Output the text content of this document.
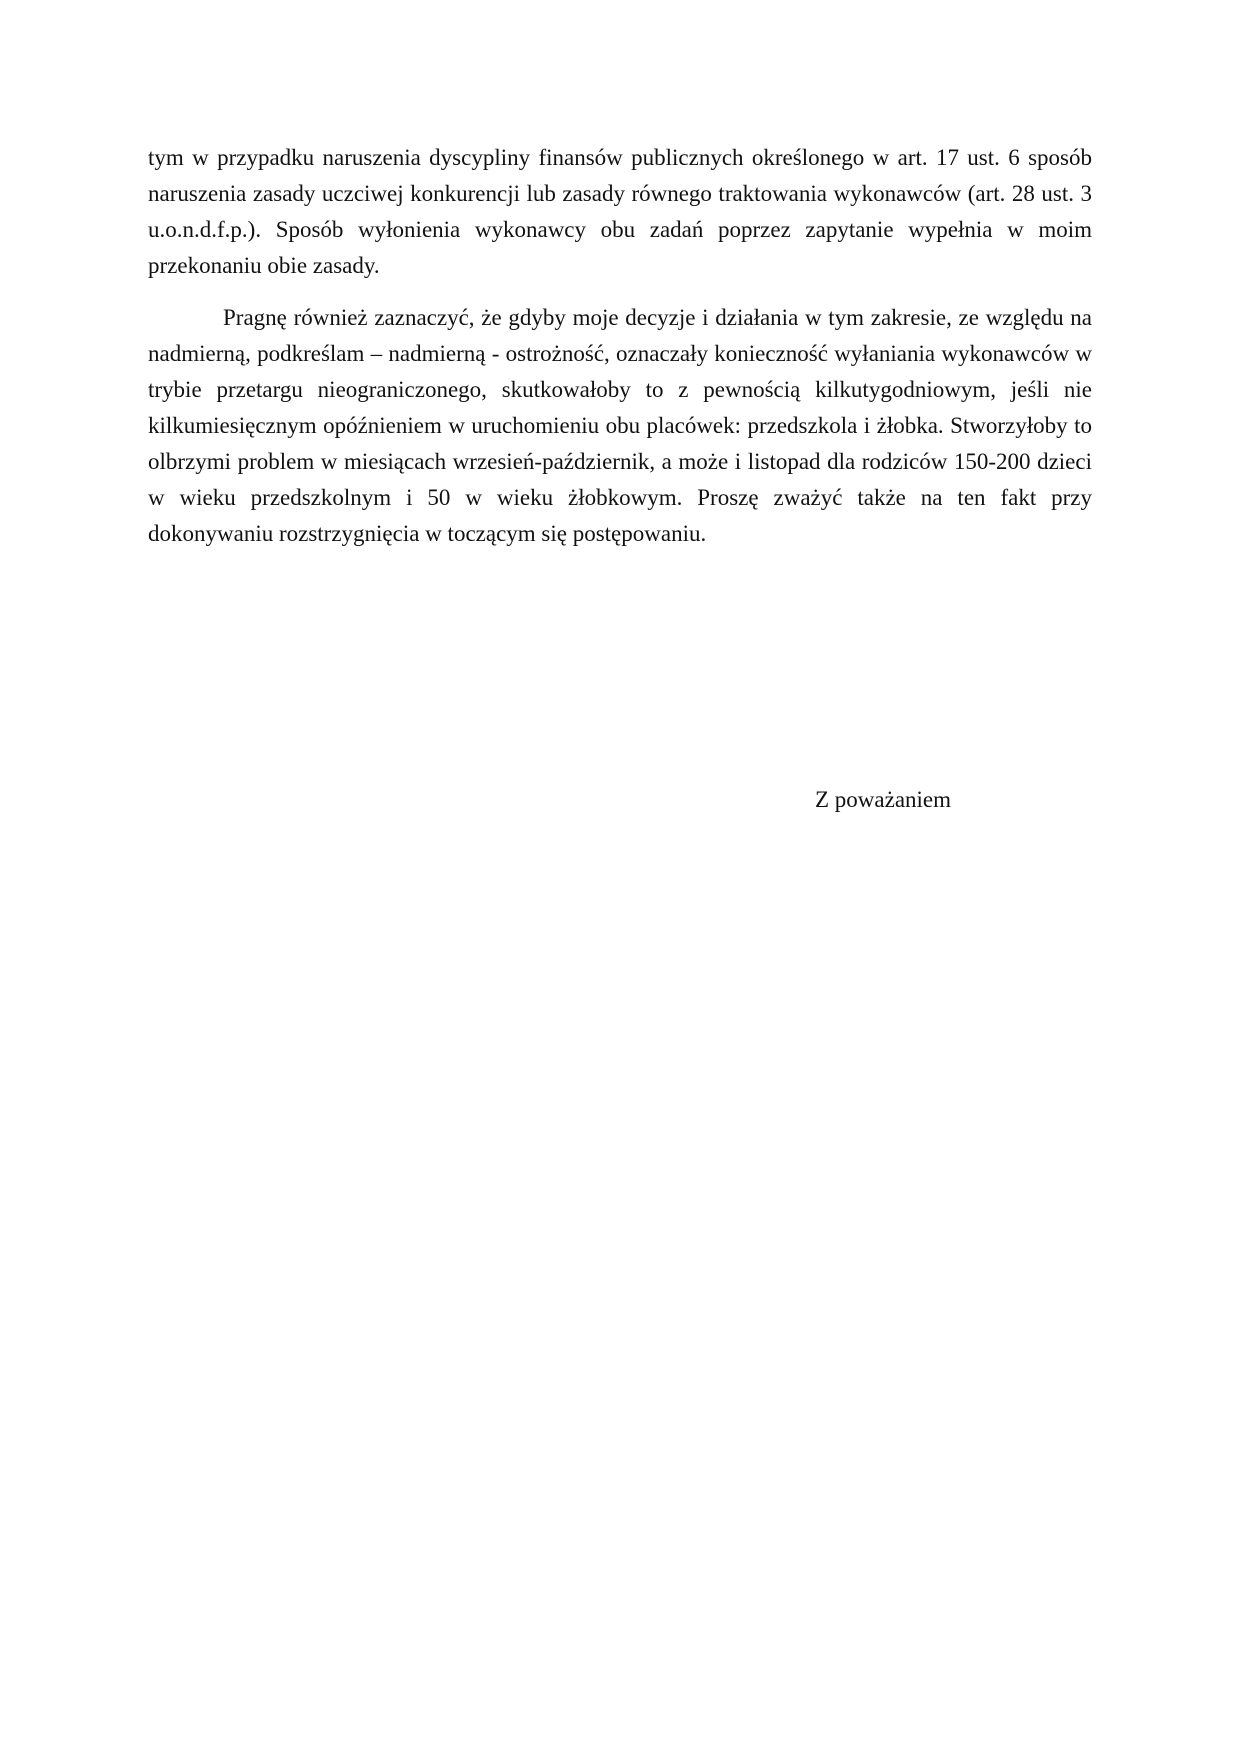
tym w przypadku naruszenia dyscypliny finansów publicznych określonego w art. 17 ust. 6 sposób naruszenia zasady uczciwej konkurencji lub zasady równego traktowania wykonawców (art. 28 ust. 3 u.o.n.d.f.p.). Sposób wyłonienia wykonawcy obu zadań poprzez zapytanie wypełnia w moim przekonaniu obie zasady.

Pragnę również zaznaczyć, że gdyby moje decyzje i działania w tym zakresie, ze względu na nadmierną, podkreślam – nadmierną - ostrożność, oznaczały konieczność wyłaniania wykonawców w trybie przetargu nieograniczonego, skutkowałoby to z pewnością kilkutygodniowym, jeśli nie kilkumiesięcznym opóźnieniem w uruchomieniu obu placówek: przedszkola i żłobka. Stworzyłoby to olbrzymi problem w miesiącach wrzesień-październik, a może i listopad dla rodziców 150-200 dzieci w wieku przedszkolnym i 50 w wieku żłobkowym. Proszę zważyć także na ten fakt przy dokonywaniu rozstrzygnięcia w toczącym się postępowaniu.

Z poważaniem
